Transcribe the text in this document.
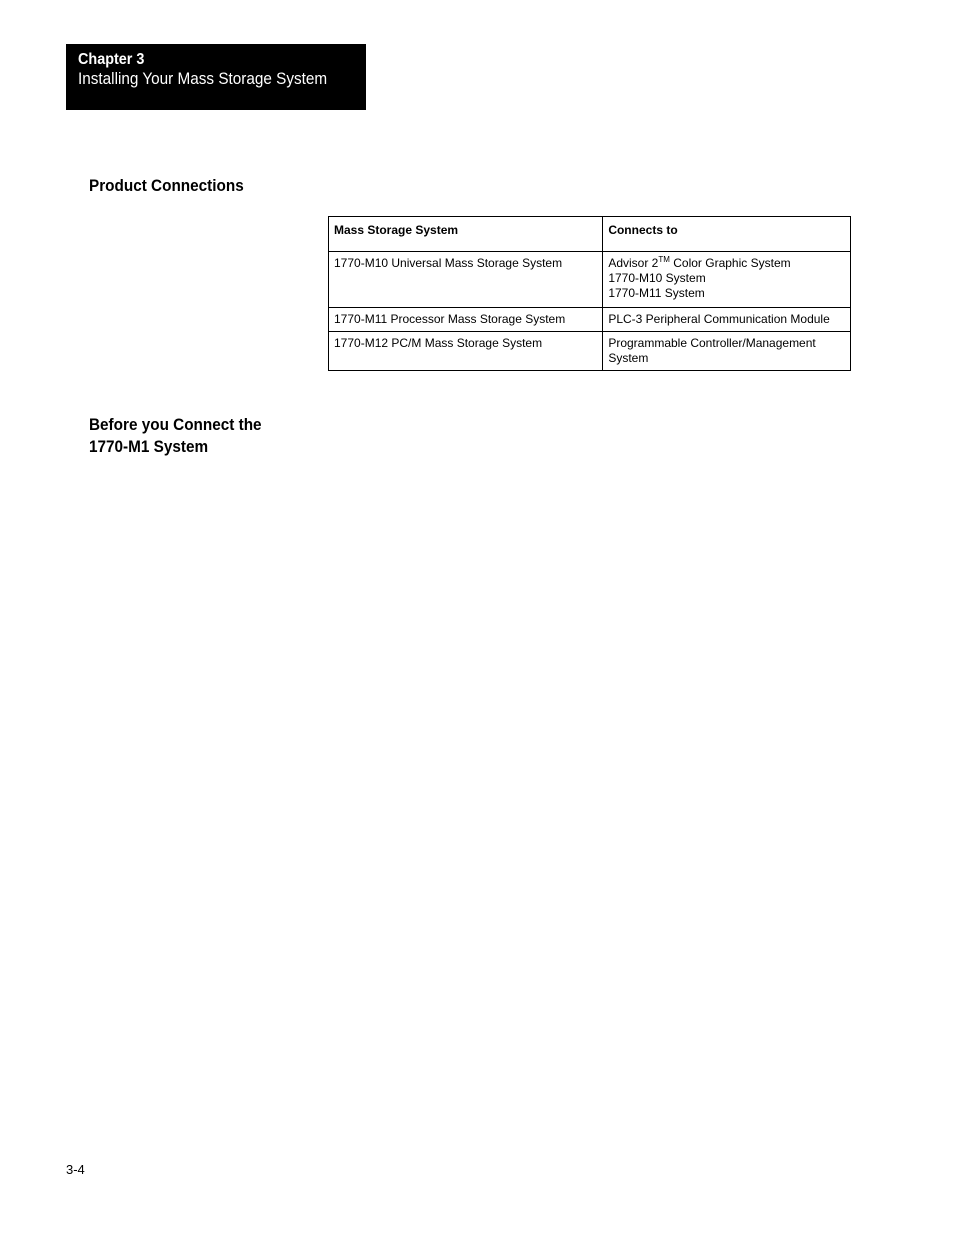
Chapter 3
Installing Your Mass Storage System
Product Connections
Mass Storage System	Connects to

1770-M10 Universal Mass Storage System	Advisor 2™ Color Graphic System
1770-M10 System
1770-M11 System

1770-M11 Processor Mass Storage System	PLC-3 Peripheral Communication Module

1770-M12 PC/M Mass Storage System	Programmable Controller/Management System
Before you Connect the
1770-M1 System
3-4
